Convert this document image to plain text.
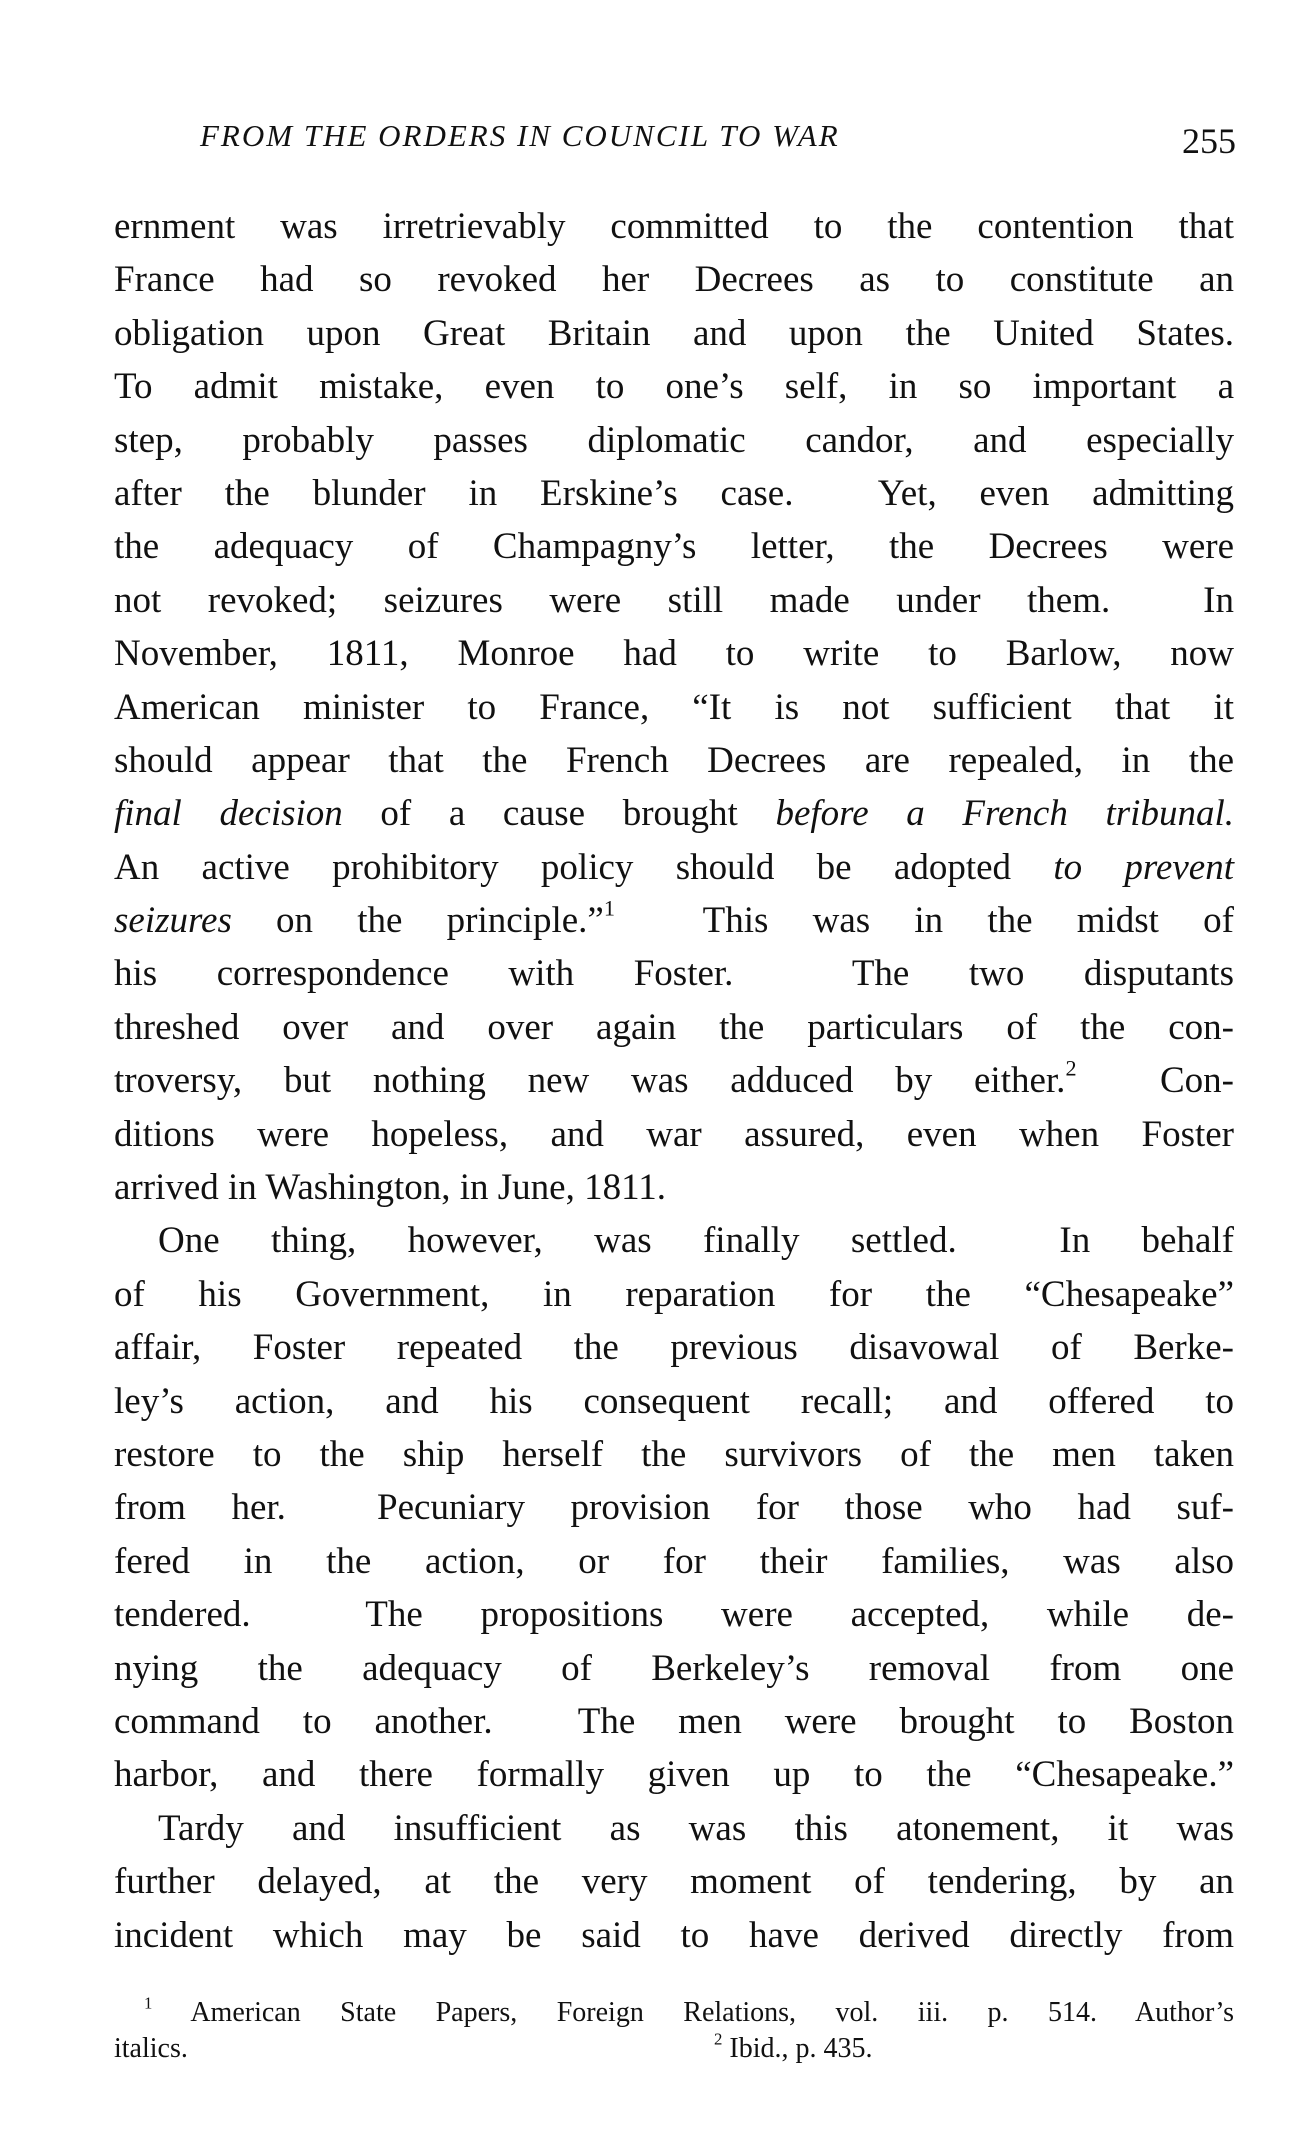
FROM THE ORDERS IN COUNCIL TO WAR	255
ernment was irretrievably committed to the contention that
France had so revoked her Decrees as to constitute an
obligation upon Great Britain and upon the United States.
To admit mistake, even to one’s self, in so important a
step, probably passes diplomatic candor, and especially
after the blunder in Erskine’s case.  Yet, even admitting
the adequacy of Champagny’s letter, the Decrees were
not revoked; seizures were still made under them.  In
November, 1811, Monroe had to write to Barlow, now
American minister to France, “It is not sufficient that it
should appear that the French Decrees are repealed, in the
final decision of a cause brought before a French tribunal.
An active prohibitory policy should be adopted to prevent
seizures on the principle.”$^1$  This was in the midst of
his correspondence with Foster.  The two disputants
threshed over and over again the particulars of the con-
troversy, but nothing new was adduced by either.$^2$  Con-
ditions were hopeless, and war assured, even when Foster
arrived in Washington, in June, 1811.
One thing, however, was finally settled.  In behalf
of his Government, in reparation for the “Chesapeake”
affair, Foster repeated the previous disavowal of Berke-
ley’s action, and his consequent recall; and offered to
restore to the ship herself the survivors of the men taken
from her.  Pecuniary provision for those who had suf-
fered in the action, or for their families, was also
tendered.  The propositions were accepted, while de-
nying the adequacy of Berkeley’s removal from one
command to another.  The men were brought to Boston
harbor, and there formally given up to the “Chesapeake.”
Tardy and insufficient as was this atonement, it was
further delayed, at the very moment of tendering, by an
incident which may be said to have derived directly from
$^1$ American State Papers, Foreign Relations, vol. iii. p. 514. Author’s
italics.	$^2$ Ibid., p. 435.
